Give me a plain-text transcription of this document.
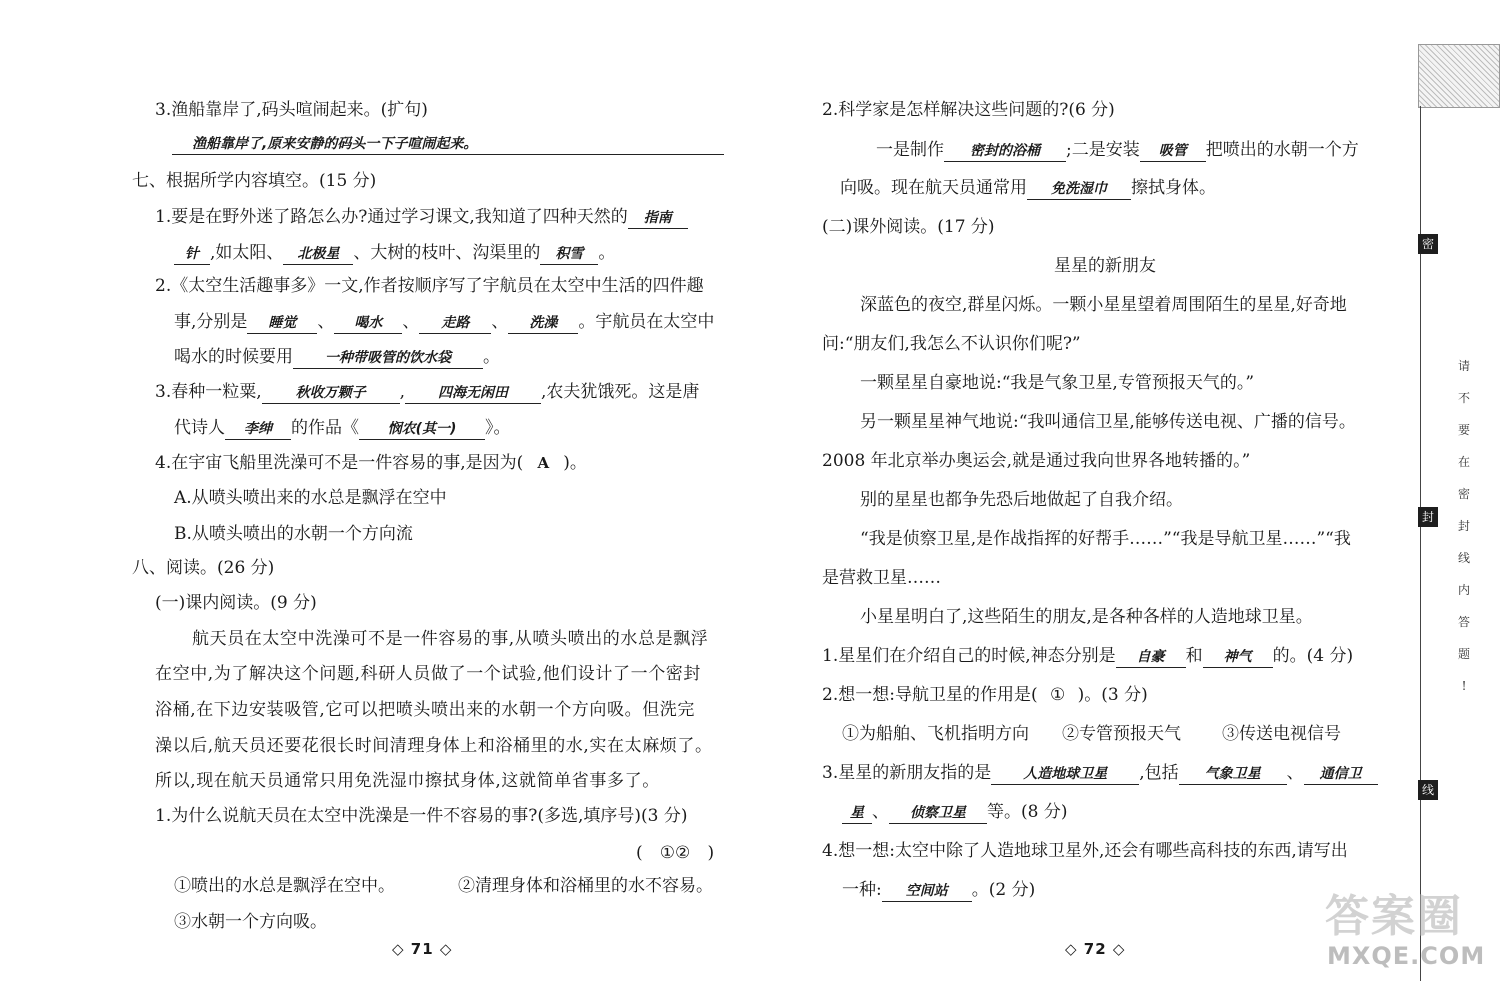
3.渔船靠岸了,码头喧闹起来。(扩句)
渔船靠岸了,原来安静的码头一下子喧闹起来。
七、根据所学内容填空。(15 分)
1.要是在野外迷了路怎么办?通过学习课文,我知道了四种天然的 指南
针 ,如太阳、 北极星 、大树的枝叶、沟渠里的 积雪 。
2.《太空生活趣事多》一文,作者按顺序写了宇航员在太空中生活的四件趣
事,分别是 睡觉 、 喝水 、 走路 、 洗澡 。宇航员在太空中
喝水的时候要用 一种带吸管的饮水袋 。
3.春种一粒粟, 秋收万颗子 , 四海无闲田 ,农夫犹饿死。这是唐
代诗人 李绅 的作品《 悯农(其一) 》。
4.在宇宙飞船里洗澡可不是一件容易的事,是因为( A )。
A.从喷头喷出来的水总是飘浮在空中
B.从喷头喷出的水朝一个方向流
八、阅读。(26 分)
(一)课内阅读。(9 分)
航天员在太空中洗澡可不是一件容易的事,从喷头喷出的水总是飘浮
在空中,为了解决这个问题,科研人员做了一个试验,他们设计了一个密封
浴桶,在下边安装吸管,它可以把喷头喷出来的水朝一个方向吸。但洗完
澡以后,航天员还要花很长时间清理身体上和浴桶里的水,实在太麻烦了。
所以,现在航天员通常只用免洗湿巾擦拭身体,这就简单省事多了。
1.为什么说航天员在太空中洗澡是一件不容易的事?(多选,填序号)(3 分)
( ①② )
①喷出的水总是飘浮在空中。	②清理身体和浴桶里的水不容易。
③水朝一个方向吸。
◇ 71 ◇
2.科学家是怎样解决这些问题的?(6 分)
一是制作 密封的浴桶 ;二是安装 吸管 把喷出的水朝一个方
向吸。现在航天员通常用 免洗湿巾 擦拭身体。
(二)课外阅读。(17 分)
星星的新朋友
深蓝色的夜空,群星闪烁。一颗小星星望着周围陌生的星星,好奇地
问:“朋友们,我怎么不认识你们呢?”
一颗星星自豪地说:“我是气象卫星,专管预报天气的。”
另一颗星星神气地说:“我叫通信卫星,能够传送电视、广播的信号。
2008 年北京举办奥运会,就是通过我向世界各地转播的。”
别的星星也都争先恐后地做起了自我介绍。
“我是侦察卫星,是作战指挥的好帮手……”“我是导航卫星……”“我
是营救卫星……
小星星明白了,这些陌生的朋友,是各种各样的人造地球卫星。
1.星星们在介绍自己的时候,神态分别是 自豪 和 神气 的。(4 分)
2.想一想:导航卫星的作用是( ① )。(3 分)
①为船舶、飞机指明方向 ②专管预报天气 ③传送电视信号
3.星星的新朋友指的是 人造地球卫星 ,包括 气象卫星 、 通信卫
星 、 侦察卫星 等。(8 分)
4.想一想:太空中除了人造地球卫星外,还会有哪些高科技的东西,请写出
一种: 空间站 。(2 分)
◇ 72 ◇
密
请
不
要
在
密
封
线
内
答
题
!
封
线
答案圈
MXQE.COM
